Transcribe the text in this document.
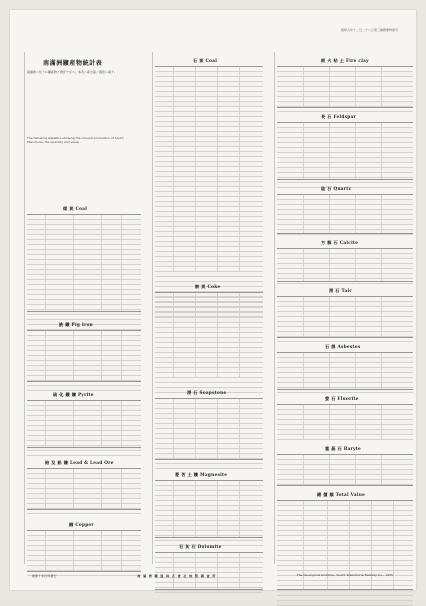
昭和九年十二月二十八日第三種郵便物認可
南滿洲鑛産物統計表
南滿洲ニ於ケル鑛産物ノ統計ヲ示ス。本表ハ産出高ノ調査ニ基ク。
The following statistics showing the mineral production of South Manchuria, the quantity and value...
煤 炭 Coal
銑 鐵 Pig Iron
硫 化 鐵 鑛 Pyrite
鉛 及 鉛 鑛 Lead & Lead Ore
銅 Copper
石 炭 Coal
骸 炭 Coke
滑 石 Soapstone
菱 苦 土 鑛 Magnesite
石 灰 石 Dolomite
耐 火 粘 土 Fire clay
長 石 Feldspar
硅 石 Quartz
方 解 石 Calcite
滑 石 Talc
石 綿 Asbestos
螢 石 Fluorite
重 晶 石 Baryte
總 價 額 Total Value
昭和十年四月發行	南 滿 洲 鐵 道 株 式 會 社 地 質 調 査 所	The Geological Institute, South Manchuria Railway Co., 1935.
